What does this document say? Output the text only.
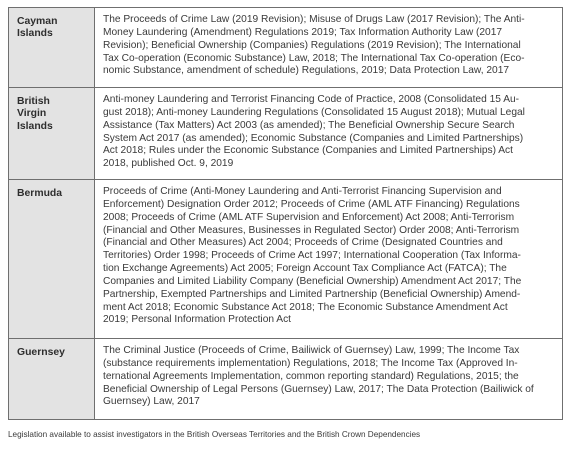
Cayman
Islands
The Proceeds of Crime Law (2019 Revision); Misuse of Drugs Law (2017 Revision); The Anti-
Money Laundering (Amendment) Regulations 2019; Tax Information Authority Law (2017
Revision); Beneficial Ownership (Companies) Regulations (2019 Revision); The International
Tax Co-operation (Economic Substance) Law, 2018; The International Tax Co-operation (Eco-
nomic Substance, amendment of schedule) Regulations, 2019; Data Protection Law, 2017
British
Virgin
Islands
Anti-money Laundering and Terrorist Financing Code of Practice, 2008 (Consolidated 15 Au-
gust 2018); Anti-money Laundering Regulations (Consolidated 15 August 2018); Mutual Legal
Assistance (Tax Matters) Act 2003 (as amended); The Beneficial Ownership Secure Search
System Act 2017 (as amended); Economic Substance (Companies and Limited Partnerships)
Act 2018; Rules under the Economic Substance (Companies and Limited Partnerships) Act
2018, published Oct. 9, 2019
Bermuda	Proceeds of Crime (Anti-Money Laundering and Anti-Terrorist Financing Supervision and
Enforcement) Designation Order 2012; Proceeds of Crime (AML ATF Financing) Regulations
2008; Proceeds of Crime (AML ATF Supervision and Enforcement) Act 2008; Anti-Terrorism
(Financial and Other Measures, Businesses in Regulated Sector) Order 2008; Anti-Terrorism
(Financial and Other Measures) Act 2004; Proceeds of Crime (Designated Countries and
Territories) Order 1998; Proceeds of Crime Act 1997; International Cooperation (Tax Informa-
tion Exchange Agreements) Act 2005; Foreign Account Tax Compliance Act (FATCA); The
Companies and Limited Liability Company (Beneficial Ownership) Amendment Act 2017; The
Partnership, Exempted Partnerships and Limited Partnership (Beneficial Ownership) Amend-
ment Act 2018; Economic Substance Act 2018; The Economic Substance Amendment Act
2019; Personal Information Protection Act
Guernsey	The Criminal Justice (Proceeds of Crime, Bailiwick of Guernsey) Law, 1999; The Income Tax
(substance requirements implementation) Regulations, 2018; The Income Tax (Approved In-
ternational Agreements Implementation, common reporting standard) Regulations, 2015; the
Beneficial Ownership of Legal Persons (Guernsey) Law, 2017; The Data Protection (Bailiwick of
Guernsey) Law, 2017
Legislation available to assist investigators in the British Overseas Territories and the British Crown Dependencies
